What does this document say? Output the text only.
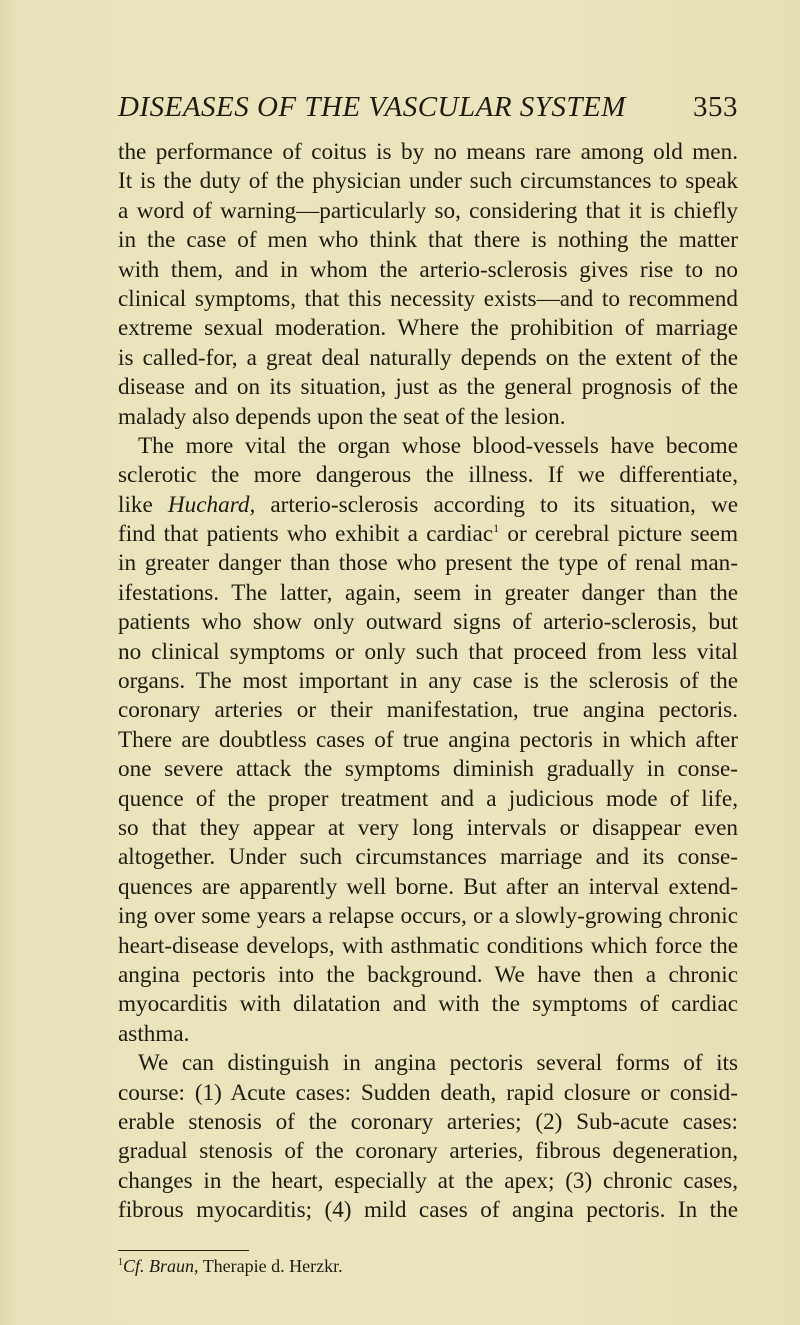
DISEASES OF THE VASCULAR SYSTEM 353
the performance of coitus is by no means rare among old men.
It is the duty of the physician under such circumstances to speak
a word of warning—particularly so, considering that it is chiefly
in the case of men who think that there is nothing the matter
with them, and in whom the arterio-sclerosis gives rise to no
clinical symptoms, that this necessity exists—and to recommend
extreme sexual moderation. Where the prohibition of marriage
is called-for, a great deal naturally depends on the extent of the
disease and on its situation, just as the general prognosis of the
malady also depends upon the seat of the lesion.
The more vital the organ whose blood-vessels have become
sclerotic the more dangerous the illness. If we differentiate,
like Huchard, arterio-sclerosis according to its situation, we
find that patients who exhibit a cardiac$^1$ or cerebral picture seem
in greater danger than those who present the type of renal man-
ifestations. The latter, again, seem in greater danger than the
patients who show only outward signs of arterio-sclerosis, but
no clinical symptoms or only such that proceed from less vital
organs. The most important in any case is the sclerosis of the
coronary arteries or their manifestation, true angina pectoris.
There are doubtless cases of true angina pectoris in which after
one severe attack the symptoms diminish gradually in conse-
quence of the proper treatment and a judicious mode of life,
so that they appear at very long intervals or disappear even
altogether. Under such circumstances marriage and its conse-
quences are apparently well borne. But after an interval extend-
ing over some years a relapse occurs, or a slowly-growing chronic
heart-disease develops, with asthmatic conditions which force the
angina pectoris into the background. We have then a chronic
myocarditis with dilatation and with the symptoms of cardiac
asthma.
We can distinguish in angina pectoris several forms of its
course: (1) Acute cases: Sudden death, rapid closure or consid-
erable stenosis of the coronary arteries; (2) Sub-acute cases:
gradual stenosis of the coronary arteries, fibrous degeneration,
changes in the heart, especially at the apex; (3) chronic cases,
fibrous myocarditis; (4) mild cases of angina pectoris. In the
$^1$Cf. Braun, Therapie d. Herzkr.
